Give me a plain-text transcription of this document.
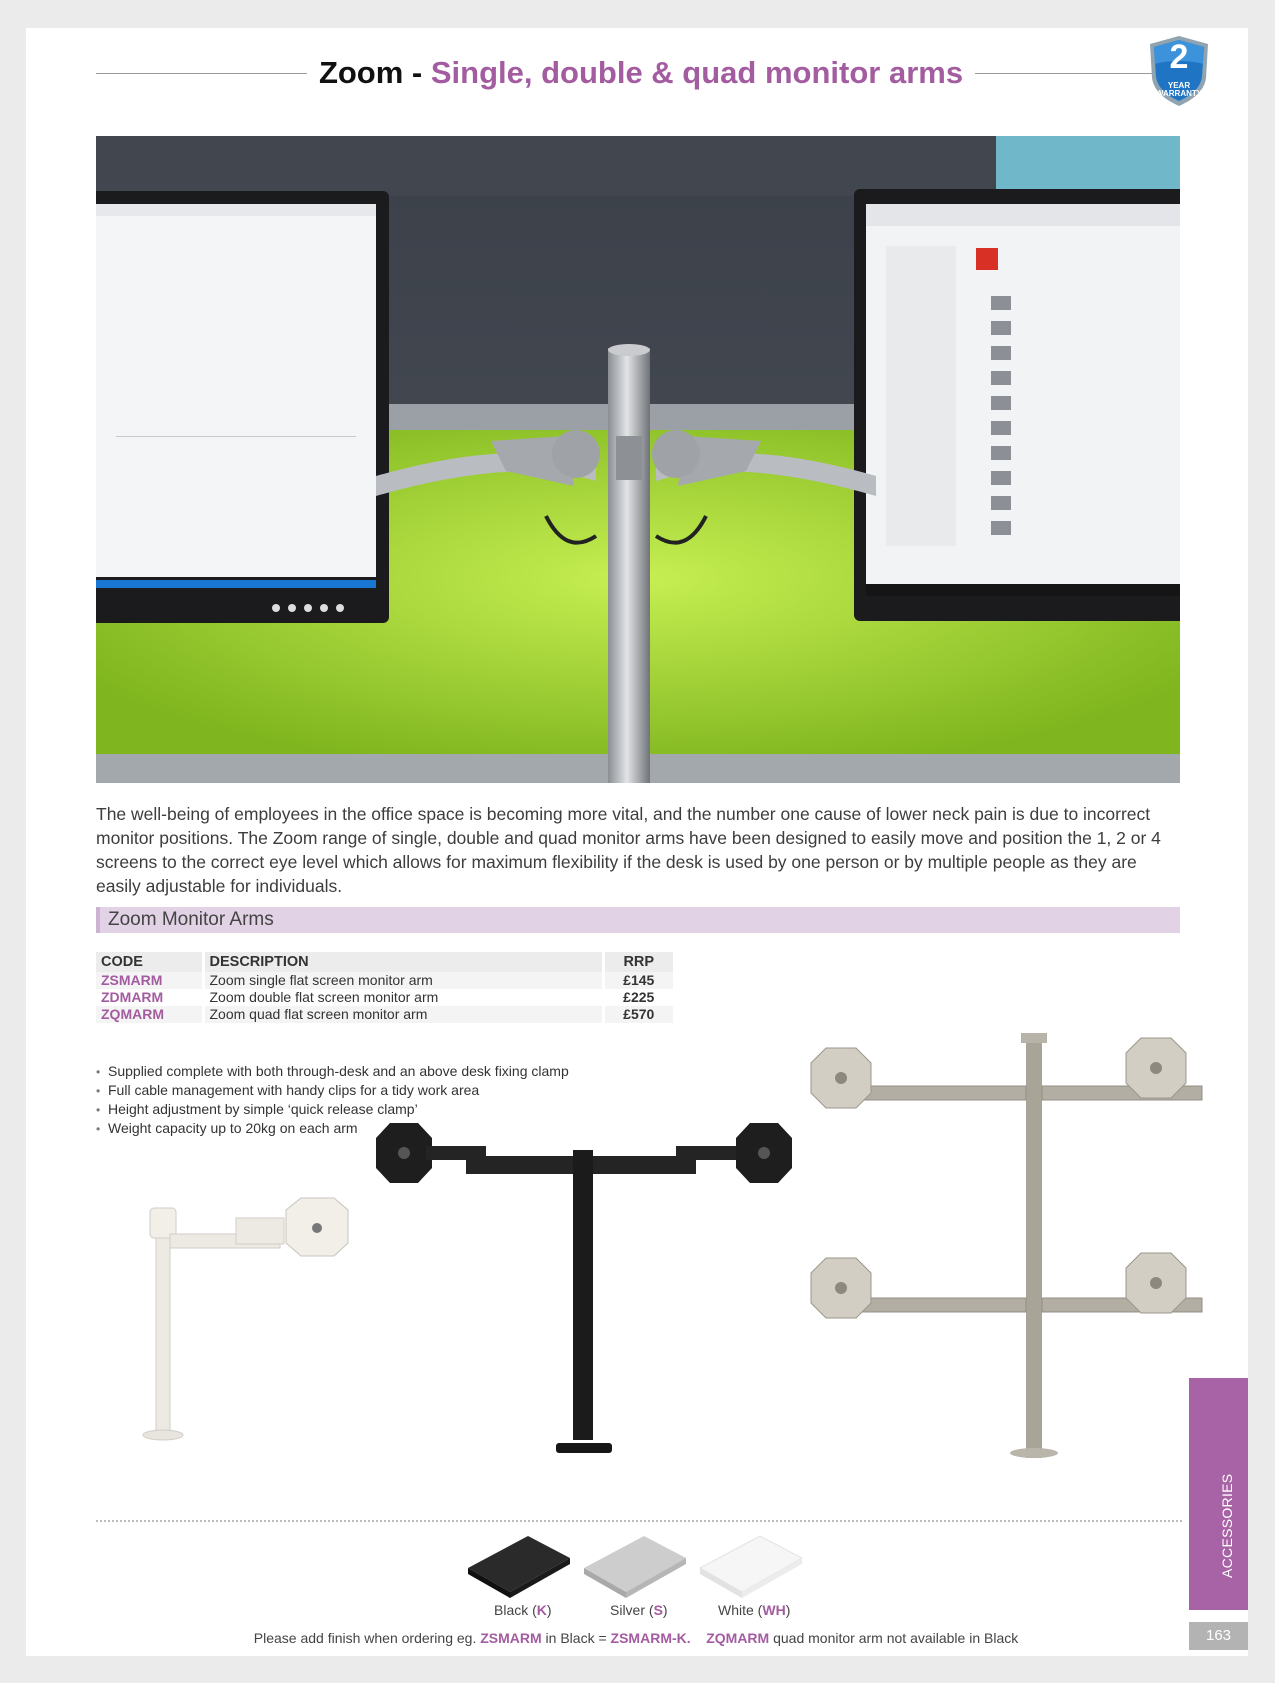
Zoom - Single, double & quad monitor arms	2
YEAR
WARRANTY

The well-being of employees in the office space is becoming more vital, and the number one cause of lower neck pain is due to incorrect monitor positions. The Zoom range of single, double and quad monitor arms have been designed to easily move and position the 1, 2 or 4 screens to the correct eye level which allows for maximum flexibility if the desk is used by one person or by multiple people as they are easily adjustable for individuals.

Zoom Monitor Arms
CODE	DESCRIPTION	RRP
ZSMARM	Zoom single flat screen monitor arm	£145
ZDMARM	Zoom double flat screen monitor arm	£225
ZQMARM	Zoom quad flat screen monitor arm	£570
• Supplied complete with both through-desk and an above desk fixing clamp
• Full cable management with handy clips for a tidy work area
• Height adjustment by simple ‘quick release clamp’
• Weight capacity up to 20kg on each arm
ACCESSORIES
Black (K)	Silver (S)	White (WH)
Please add finish when ordering eg. ZSMARM in Black = ZSMARM-K. ZQMARM quad monitor arm not available in Black	163
